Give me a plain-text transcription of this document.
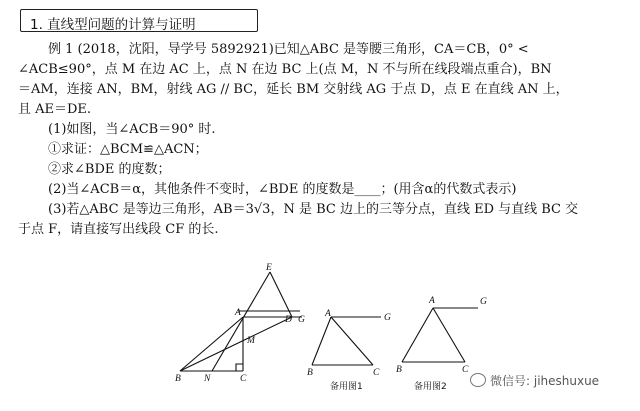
1. 直线型问题的计算与证明
例 1 (2018，沈阳，导学号 5892921)已知△ABC 是等腰三角形，CA＝CB，0° <
∠ACB≤90°，点 M 在边 AC 上，点 N 在边 BC 上(点 M，N 不与所在线段端点重合)，BN
＝AM，连接 AN，BM，射线 AG // BC，延长 BM 交射线 AG 于点 D，点 E 在直线 AN 上，
且 AE＝DE.
(1)如图，当∠ACB＝90° 时.
①求证：△BCM≌△ACN；
②求∠BDE 的度数；
(2)当∠ACB＝α，其他条件不变时，∠BDE 的度数是____；(用含α的代数式表示)
(3)若△ABC 是等边三角形，AB＝3√3，N 是 BC 边上的三等分点，直线 ED 与直线 BC 交
于点 F，请直接写出线段 CF 的长.
E
A
D G
M
B N	C
A	G
B	C
备用图1
A	G
B	C
备用图2	微信号: jiheshuxue
